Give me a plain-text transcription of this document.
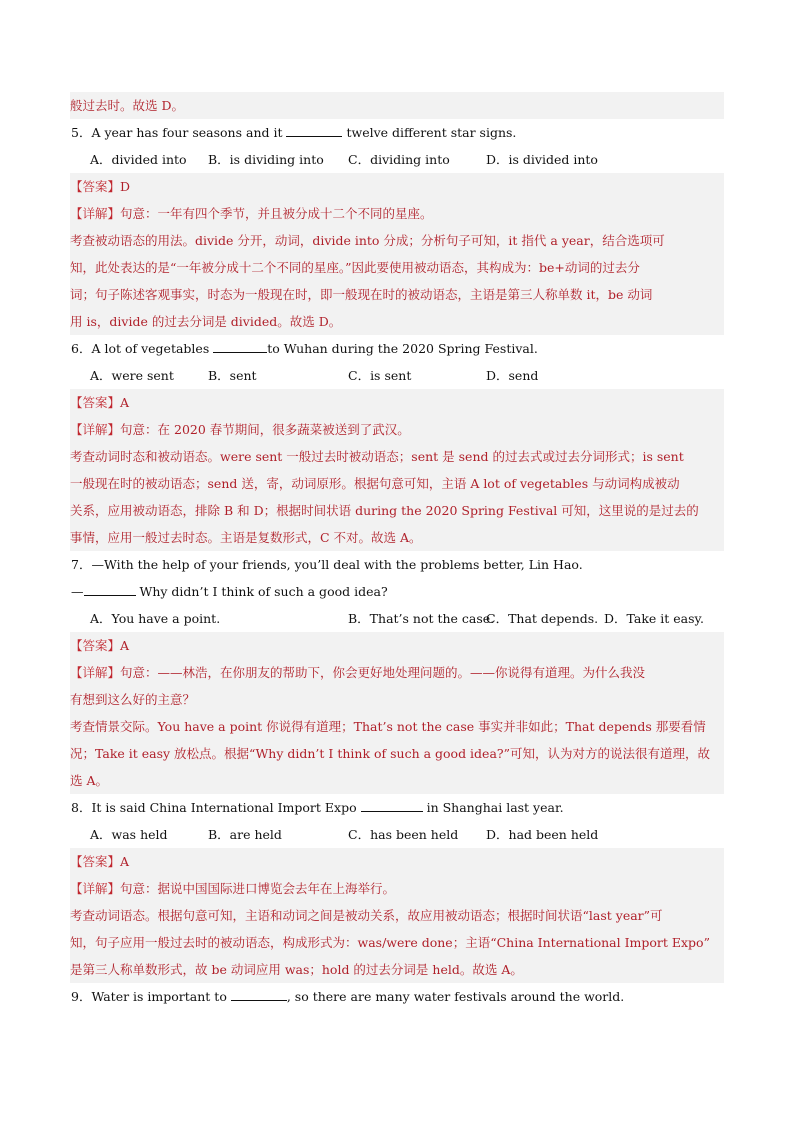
般过去时。故选 D。
5．A year has four seasons and it	twelve different star signs.
A．divided into B．is dividing into C．dividing into	D．is divided into
【答案】D
【详解】句意：一年有四个季节，并且被分成十二个不同的星座。
考查被动语态的用法。divide 分开，动词，divide into 分成；分析句子可知，it 指代 a year，结合选项可
知，此处表达的是“一年被分成十二个不同的星座。”因此要使用被动语态，其构成为：be+动词的过去分
词；句子陈述客观事实，时态为一般现在时，即一般现在时的被动语态，主语是第三人称单数 it，be 动词
用 is，divide 的过去分词是 divided。故选 D。
6．A lot of vegetables	to Wuhan during the 2020 Spring Festival.
A．were sent	B．sent	C．is sent	D．send
【答案】A
【详解】句意：在 2020 春节期间，很多蔬菜被送到了武汉。
考查动词时态和被动语态。were sent 一般过去时被动语态；sent 是 send 的过去式或过去分词形式；is sent
一般现在时的被动语态；send 送，寄，动词原形。根据句意可知，主语 A lot of vegetables 与动词构成被动
关系，应用被动语态，排除 B 和 D；根据时间状语 during the 2020 Spring Festival 可知，这里说的是过去的
事情，应用一般过去时态。主语是复数形式，C 不对。故选 A。
7．—With the help of your friends, you’ll deal with the problems better, Lin Hao.
—	Why didn’t I think of such a good idea?
A．You have a point.	B．That’s not the case.
C．That depends. D．Take it easy.
【答案】A
【详解】句意：——林浩，在你朋友的帮助下，你会更好地处理问题的。——你说得有道理。为什么我没
有想到这么好的主意？
考查情景交际。You have a point 你说得有道理；That’s not the case 事实并非如此；That depends 那要看情
况；Take it easy 放松点。根据“Why didn’t I think of such a good idea?”可知，认为对方的说法很有道理，故
选 A。
8．It is said China International Import Expo	in Shanghai last year.
A．was held	B．are held	C．has been held D．had been held
【答案】A
【详解】句意：据说中国国际进口博览会去年在上海举行。
考查动词语态。根据句意可知，主语和动词之间是被动关系，故应用被动语态；根据时间状语“last year”可
知，句子应用一般过去时的被动语态，构成形式为：was/were done；主语“China International Import Expo”
是第三人称单数形式，故 be 动词应用 was；hold 的过去分词是 held。故选 A。
9．Water is important to	, so there are many water festivals around the world.
